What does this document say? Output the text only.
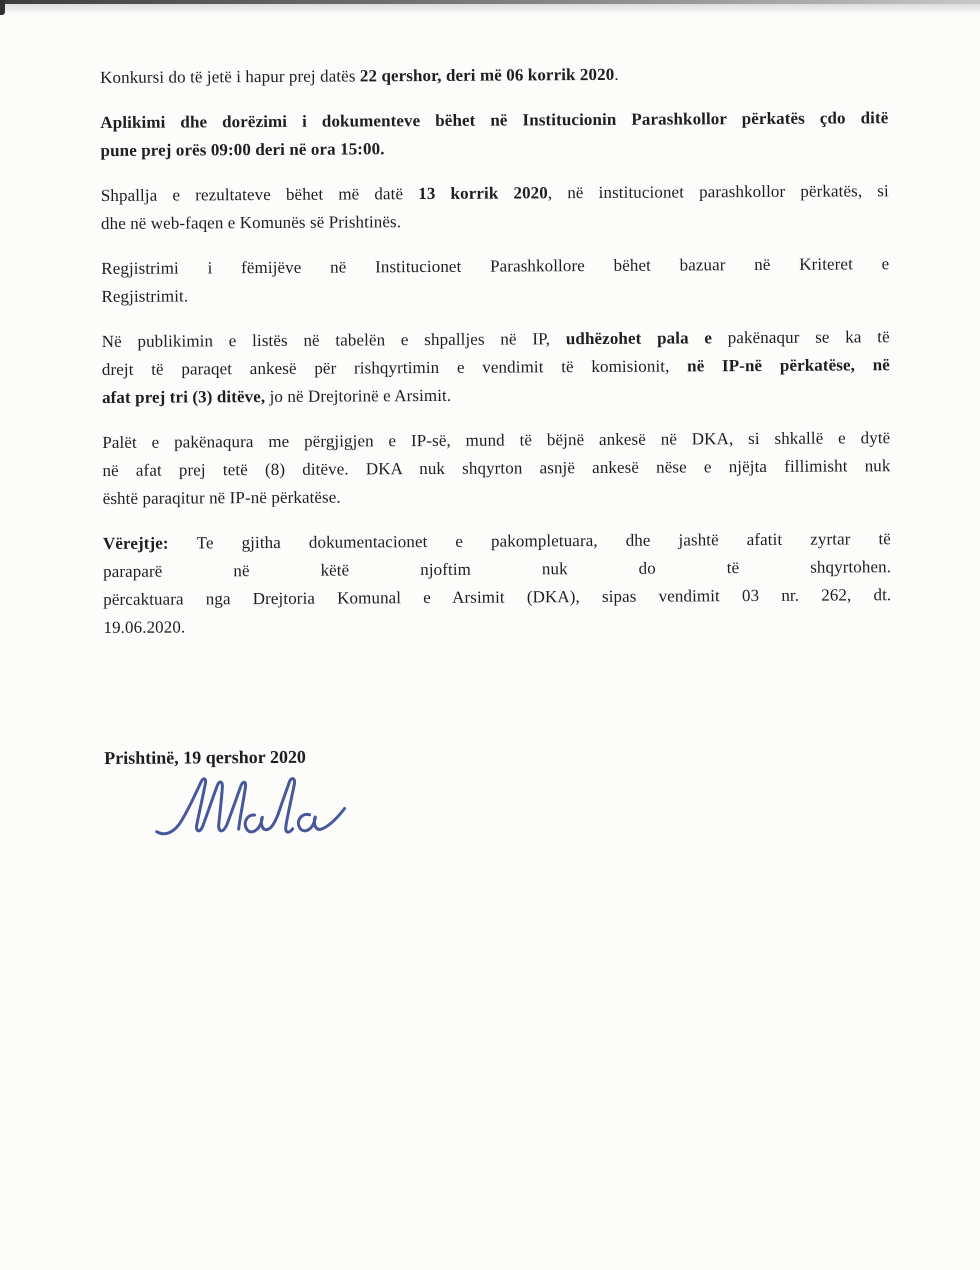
Konkursi do të jetë i hapur prej datës 22 qershor, deri më 06 korrik 2020.
Aplikimi dhe dorëzimi i dokumenteve bëhet në Institucionin Parashkollor përkatës çdo ditë
pune prej orës 09:00 deri në ora 15:00.
Shpallja e rezultateve bëhet më datë 13 korrik 2020, në institucionet parashkollor përkatës, si
dhe në web-faqen e Komunës së Prishtinës.
Regjistrimi i fëmijëve në Institucionet Parashkollore bëhet bazuar në Kriteret e
Regjistrimit.
Në publikimin e listës në tabelën e shpalljes në IP, udhëzohet pala e pakënaqur se ka të
drejt të paraqet ankesë për rishqyrtimin e vendimit të komisionit, në IP-në përkatëse, në
afat prej tri (3) ditëve, jo në Drejtorinë e Arsimit.
Palët e pakënaqura me përgjigjen e IP-së, mund të bëjnë ankesë në DKA, si shkallë e dytë
në afat prej tetë (8) ditëve. DKA nuk shqyrton asnjë ankesë nëse e njëjta fillimisht nuk
është paraqitur në IP-në përkatëse.
Vërejtje: Te gjitha dokumentacionet e pakompletuara, dhe jashtë afatit zyrtar të
paraparë në këtë njoftim nuk do të shqyrtohen.
përcaktuara nga Drejtoria Komunal e Arsimit (DKA), sipas vendimit 03 nr. 262, dt.
19.06.2020.
Prishtinë, 19 qershor 2020
